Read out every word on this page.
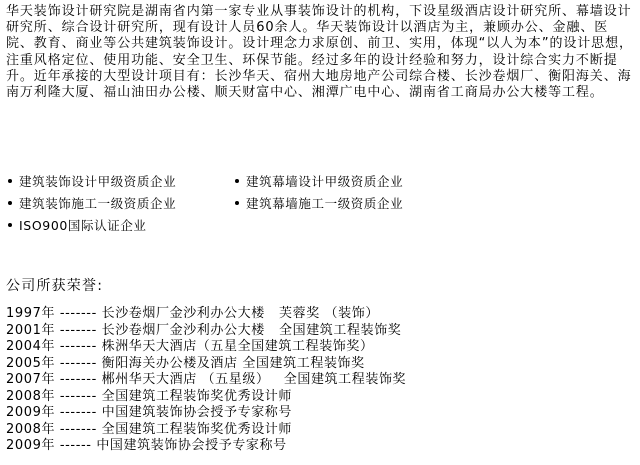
华天装饰设计研究院是湖南省内第一家专业从事装饰设计的机构，下设星级酒店设计研究所、幕墙设计研究所、综合设计研究所，现有设计人员60余人。华天装饰设计以酒店为主，兼顾办公、金融、医院、教育、商业等公共建筑装饰设计。设计理念力求原创、前卫、实用，体现“以人为本”的设计思想，注重风格定位、使用功能、安全卫生、环保节能。经过多年的设计经验和努力，设计综合实力不断提升。近年承接的大型设计项目有：长沙华天、宿州大地房地产公司综合楼、长沙卷烟厂、衡阳海关、海南万利隆大厦、福山油田办公楼、顺天财富中心、湘潭广电中心、湖南省工商局办公大楼等工程。

建筑装饰设计甲级资质企业	建筑幕墙设计甲级资质企业
建筑装饰施工一级资质企业	建筑幕墙施工一级资质企业
ISO900国际认证企业
公司所获荣誉:
1997年 ------- 长沙卷烟厂金沙利办公大楼   芙蓉奖 （装饰）
2001年 ------- 长沙卷烟厂金沙利办公大楼   全国建筑工程装饰奖
2004年 ------- 株洲华天大酒店（五星全国建筑工程装饰奖）
2005年 ------- 衡阳海关办公楼及酒店 全国建筑工程装饰奖
2007年 ------- 郴州华天大酒店 （五星级）   全国建筑工程装饰奖
2008年 ------- 全国建筑工程装饰奖优秀设计师
2009年 ------- 中国建筑装饰协会授予专家称号
2008年 ------- 全国建筑工程装饰奖优秀设计师
2009年 ------ 中国建筑装饰协会授予专家称号
